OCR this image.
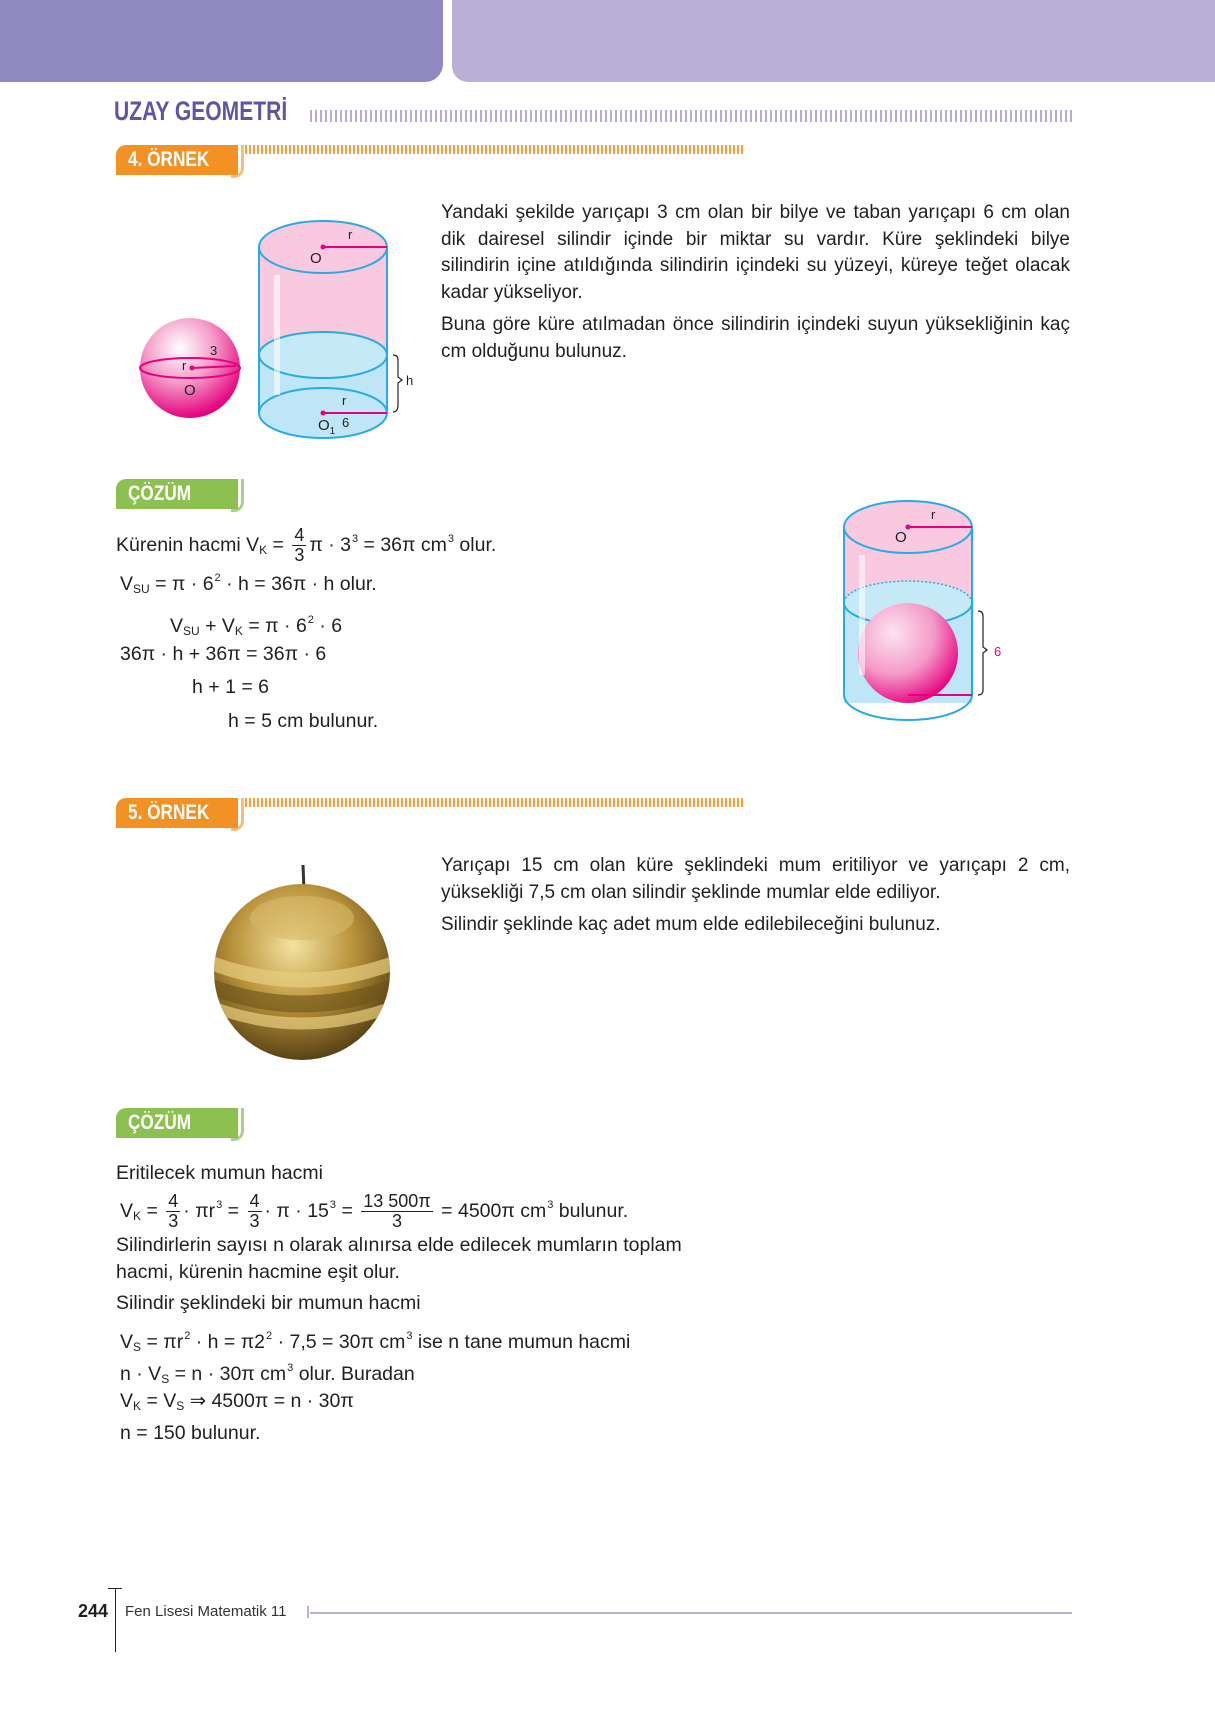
UZAY GEOMETRİ
4. ÖRNEK
3
r
O
r
O
h
r
$O_1$
6

Yandaki şekilde yarıçapı 3 cm olan bir bilye ve taban yarıçapı 6 cm olan dik dairesel silindir içinde bir miktar su vardır. Küre şeklindeki bilye silindirin içine atıldığında silindirin içindeki su yüzeyi, küreye teğet olacak kadar yükseliyor.

Buna göre küre atılmadan önce silindirin içindeki suyun yüksekliğinin kaç cm olduğunu bulunuz.

ÇÖZÜM
Kürenin hacmi $V_K = \frac{4}{3}$ $\pi \cdot 3^3 = 36\pi$ $cm^3$ olur.
$V_{SU} = \pi \cdot 6^2 \cdot h = 36\pi \cdot h$ olur.
$V_{SU} + V_K = \pi \cdot 6^2 \cdot 6$
36π · h + 36π = 36π · 6
h + 1 = 6
h = 5 cm bulunur.
r
O
6
5. ÖRNEK

Yarıçapı 15 cm olan küre şeklindeki mum eritiliyor ve yarıçapı 2 cm, yüksekliği 7,5 cm olan silindir şeklinde mumlar elde ediliyor.

Silindir şeklinde kaç adet mum elde edilebileceğini bulunuz.

ÇÖZÜM
Eritilecek mumun hacmi
$V_K = \frac{4}{3} \cdot \pi r^3 = \frac{4}{3} \cdot \pi \cdot 15^3 = \frac{13 500\pi}{3} = 4500\pi$ $cm^3$ bulunur.
Silindirlerin sayısı n olarak alınırsa elde edilecek mumların toplam
hacmi, kürenin hacmine eşit olur.
Silindir şeklindeki bir mumun hacmi
$V_S = \pi r^2 \cdot h = \pi 2^2 \cdot 7,5 = 30\pi$ $cm^3$ ise n tane mumun hacmi
$n \cdot V_S = n \cdot 30\pi$ $cm^3$ olur. Buradan
$V_K = V_S$ ⇒ 4500π = n · 30π
n = 150 bulunur.
244 Fen Lisesi Matematik 11
